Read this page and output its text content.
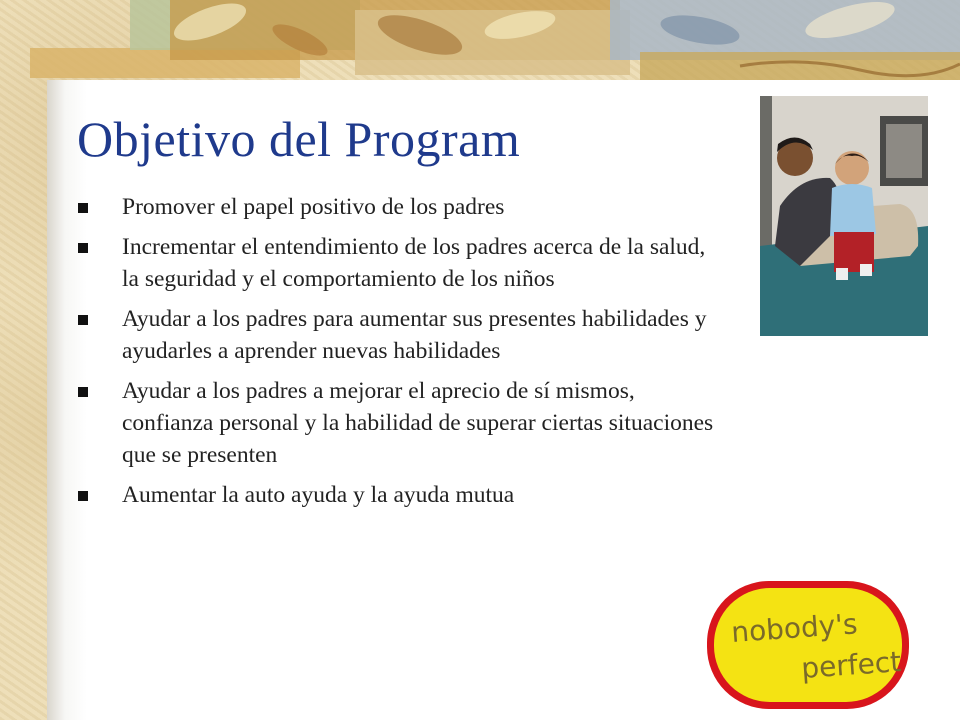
Objetivo del Program
Promover el papel positivo de los padres
Incrementar el entendimiento de los padres acerca de la salud, la seguridad y el comportamiento de los niños
Ayudar a los padres para aumentar sus presentes habilidades y ayudarles a aprender nuevas habilidades
Ayudar a los padres a mejorar el aprecio de sí mismos, confianza personal y la habilidad de superar ciertas situaciones que se presenten
Aumentar la auto ayuda y la ayuda mutua
nobody's
perfect
